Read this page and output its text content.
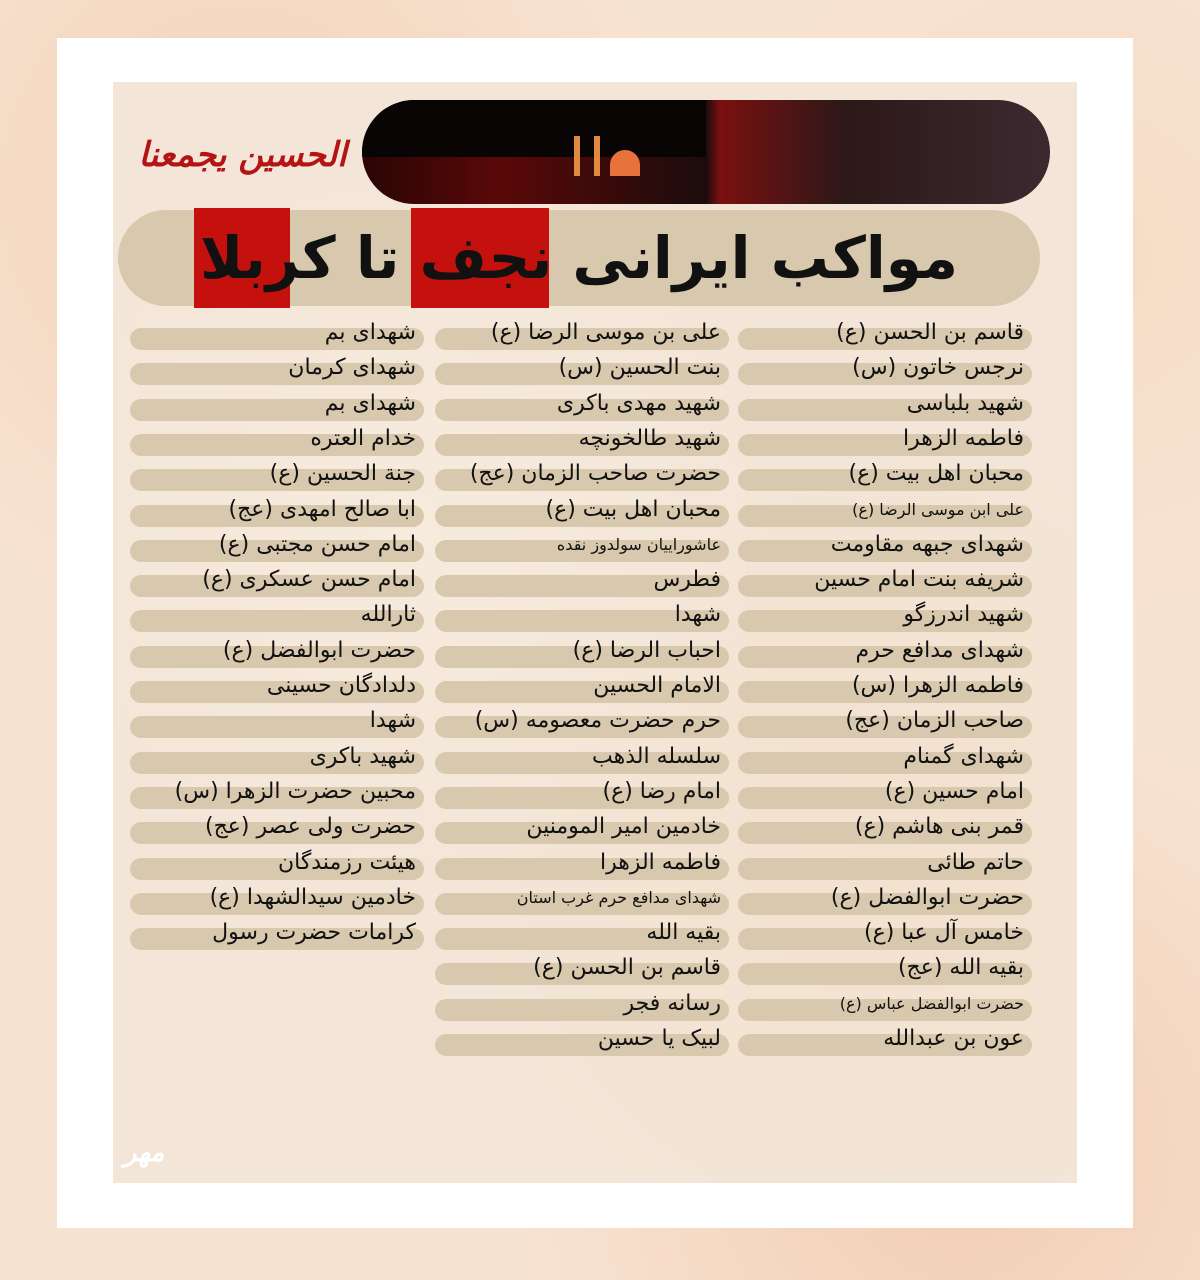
الحسین یجمعنا
مواکب ایرانی نجف تا کربلا
قاسم بن الحسن (ع)
نرجس خاتون (س)
شهید بلباسی
فاطمه الزهرا
محبان اهل بیت (ع)
علی ابن موسی الرضا (ع)
شهدای جبهه مقاومت
شریفه بنت امام حسین
شهید اندرزگو
شهدای مدافع حرم
فاطمه الزهرا (س)
صاحب الزمان (عج)
شهدای گمنام
امام حسین (ع)
قمر بنی هاشم (ع)
حاتم طائی
حضرت ابوالفضل (ع)
خامس آل عبا (ع)
بقیه الله (عج)
حضرت ابوالفضل عباس (ع)
عون بن عبدالله
علی بن موسی الرضا (ع)
بنت الحسین (س)
شهید مهدی باکری
شهید طالخونچه
حضرت صاحب الزمان (عج)
محبان اهل بیت (ع)
عاشوراییان سولدوز نقده
فطرس
شهدا
احباب الرضا (ع)
الامام الحسین
حرم حضرت معصومه (س)
سلسله الذهب
امام رضا (ع)
خادمین امیر المومنین
فاطمه الزهرا
شهدای مدافع حرم غرب استان
بقیه الله
قاسم بن الحسن (ع)
رسانه فجر
لبیک یا حسین
شهدای بم
شهدای کرمان
شهدای بم
خدام العتره
جنة الحسین (ع)
ابا صالح امهدی (عج)
امام حسن مجتبی (ع)
امام حسن عسکری (ع)
ثارالله
حضرت ابوالفضل (ع)
دلدادگان حسینی
شهدا
شهید باکری
محبین حضرت الزهرا (س)
حضرت ولی عصر (عج)
هیئت رزمندگان
خادمین سیدالشهدا (ع)
کرامات حضرت رسول
مهر
